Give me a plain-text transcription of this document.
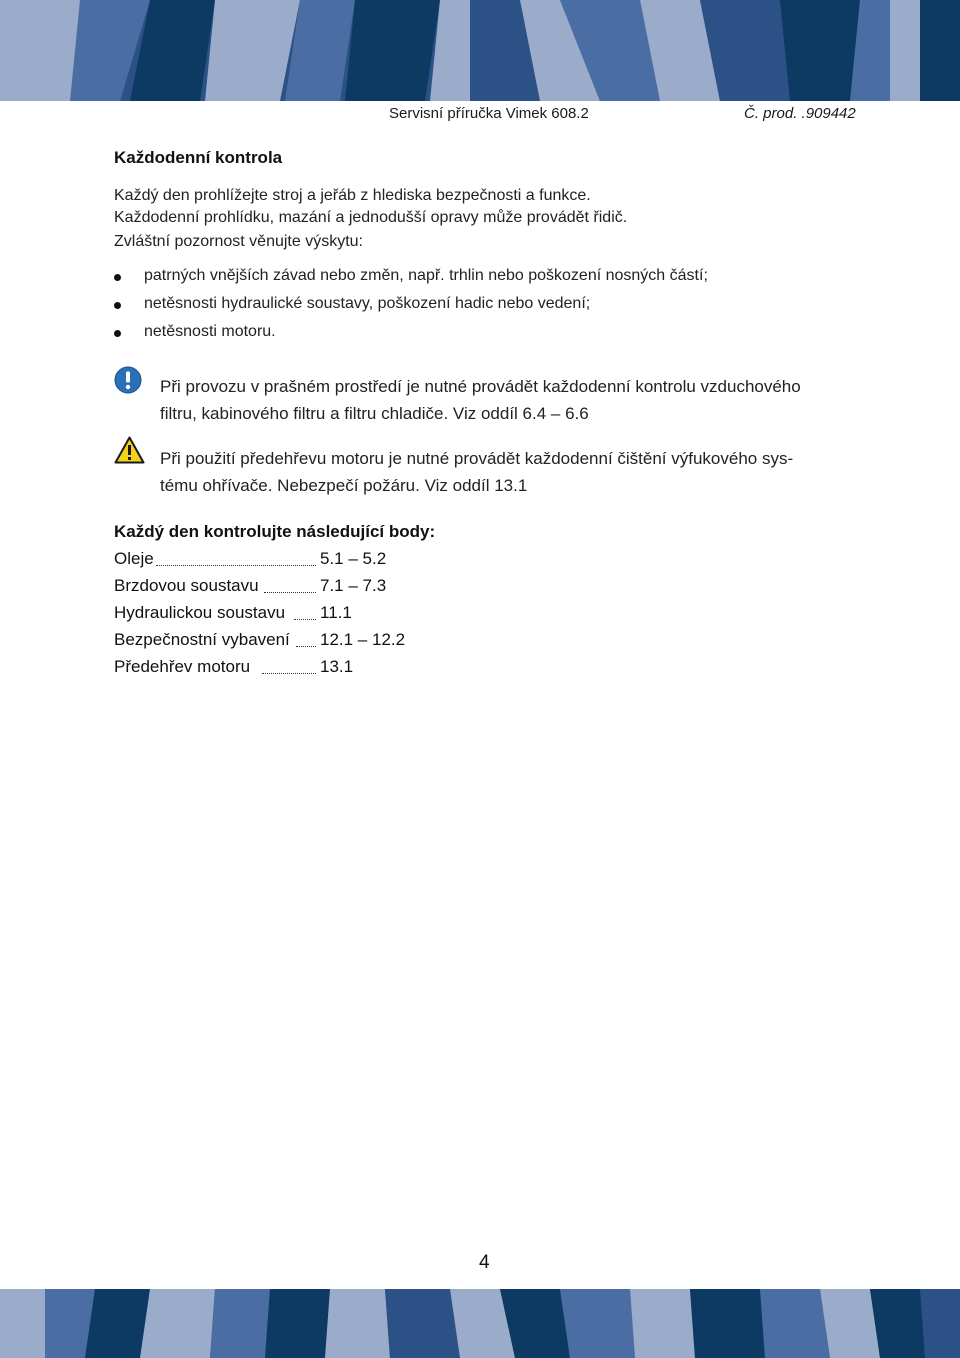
Servisní příručka Vimek 608.2	Č. prod. .909442
Každodenní kontrola
Každý den prohlížejte stroj a jeřáb z hlediska bezpečnosti a funkce.
Každodenní prohlídku, mazání a jednodušší opravy může provádět řidič.
Zvláštní pozornost věnujte výskytu:
patrných vnějších závad nebo změn, např. trhlin nebo poškození nosných částí;
netěsnosti hydraulické soustavy, poškození hadic nebo vedení;
netěsnosti motoru.
Při provozu v prašném prostředí je nutné provádět každodenní kontrolu vzduchového
filtru, kabinového filtru a filtru chladiče. Viz oddíl 6.4 – 6.6
Při použití předehřevu motoru je nutné provádět každodenní čištění výfukového sys-
tému ohřívače. Nebezpečí požáru. Viz oddíl 13.1
Každý den kontrolujte následující body:
Oleje	5.1 – 5.2
Brzdovou soustavu	7.1 – 7.3
Hydraulickou soustavu 11.1
Bezpečnostní vybavení 12.1 – 12.2
Předehřev motoru	13.1
4
